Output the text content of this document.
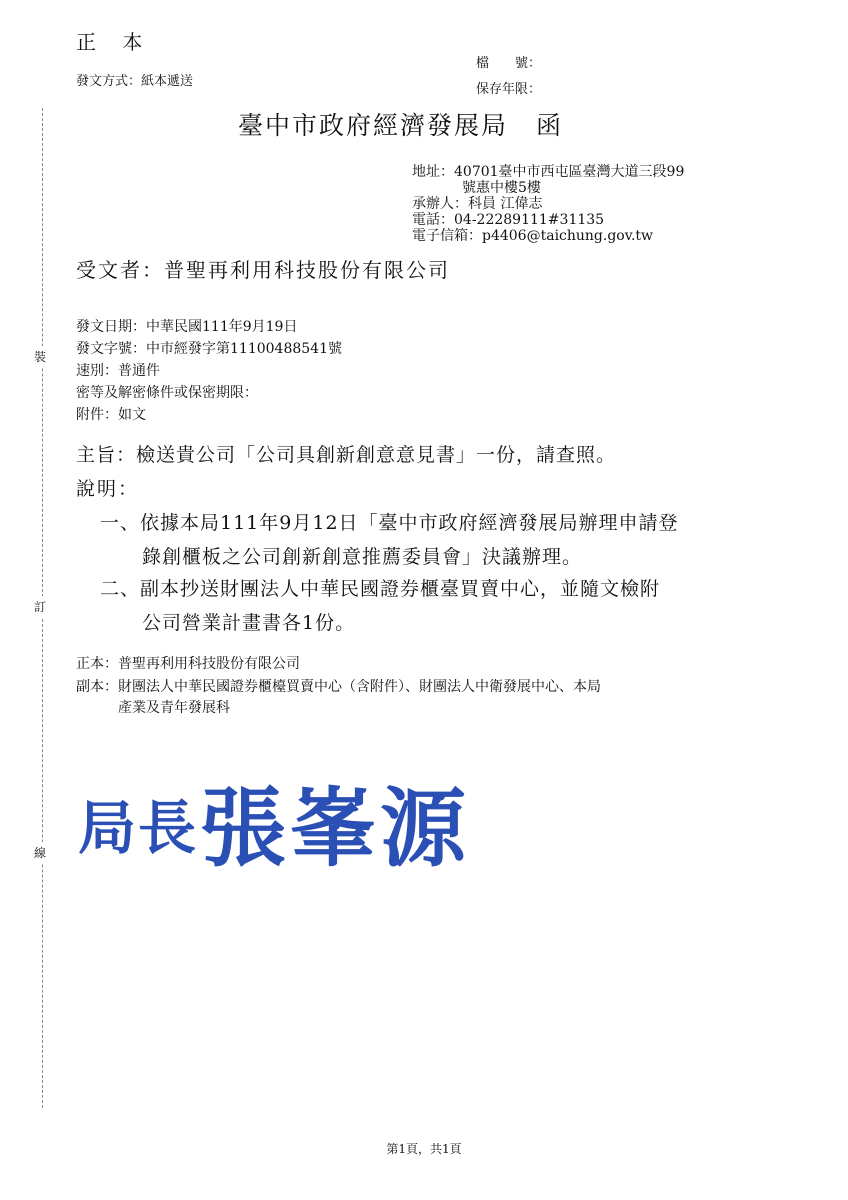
裝
訂
線
正 本
發文方式：紙本遞送
檔　　號：
保存年限：
臺中市政府經濟發展局 函
地址：40701臺中市西屯區臺灣大道三段99
號惠中樓5樓
承辦人：科員 江偉志
電話：04-22289111#31135
電子信箱：p4406@taichung.gov.tw
受文者：普聖再利用科技股份有限公司
發文日期：中華民國111年9月19日
發文字號：中市經發字第11100488541號
速別：普通件
密等及解密條件或保密期限：
附件：如文
主旨：檢送貴公司「公司具創新創意意見書」一份，請查照。
說明：
一、依據本局111年9月12日「臺中市政府經濟發展局辦理申請登
錄創櫃板之公司創新創意推薦委員會」決議辦理。
二、副本抄送財團法人中華民國證券櫃臺買賣中心，並隨文檢附
公司營業計畫書各1份。
正本：普聖再利用科技股份有限公司
副本：財團法人中華民國證券櫃檯買賣中心（含附件）、財團法人中衛發展中心、本局
產業及青年發展科
局長 張峯源
第1頁，共1頁
